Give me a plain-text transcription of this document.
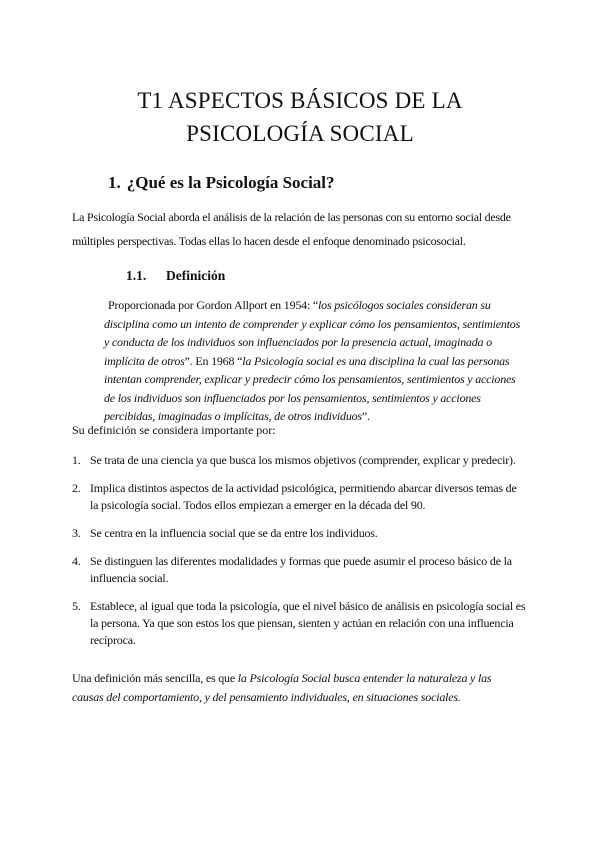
T1 ASPECTOS BÁSICOS DE LA
PSICOLOGÍA SOCIAL
1. ¿Qué es la Psicología Social?

La Psicología Social aborda el análisis de la relación de las personas con su entorno social desde múltiples perspectivas. Todas ellas lo hacen desde el enfoque denominado psicosocial.

1.1. Definición

Proporcionada por Gordon Allport en 1954: “los psicólogos sociales consideran su disciplina como un intento de comprender y explicar cómo los pensamientos, sentimientos y conducta de los individuos son influenciados por la presencia actual, imaginada o implícita de otros”. En 1968 “la Psicología social es una disciplina la cual las personas intentan comprender, explicar y predecir cómo los pensamientos, sentimientos y acciones de los individuos son influenciados por los pensamientos, sentimientos y acciones percibidas, imaginadas o implícitas, de otros individuos”.

Su definición se considera importante por:

1. Se trata de una ciencia ya que busca los mismos objetivos (comprender, explicar y predecir).
2. Implica distintos aspectos de la actividad psicológica, permitiendo abarcar diversos temas de la psicología social. Todos ellos empiezan a emerger en la década del 90.
3. Se centra en la influencia social que se da entre los individuos.
4. Se distinguen las diferentes modalidades y formas que puede asumir el proceso básico de la influencia social.
5. Establece, al igual que toda la psicología, que el nivel básico de análisis en psicología social es la persona. Ya que son estos los que piensan, sienten y actúan en relación con una influencia recíproca.

Una definición más sencilla, es que la Psicología Social busca entender la naturaleza y las causas del comportamiento, y del pensamiento individuales, en situaciones sociales.
